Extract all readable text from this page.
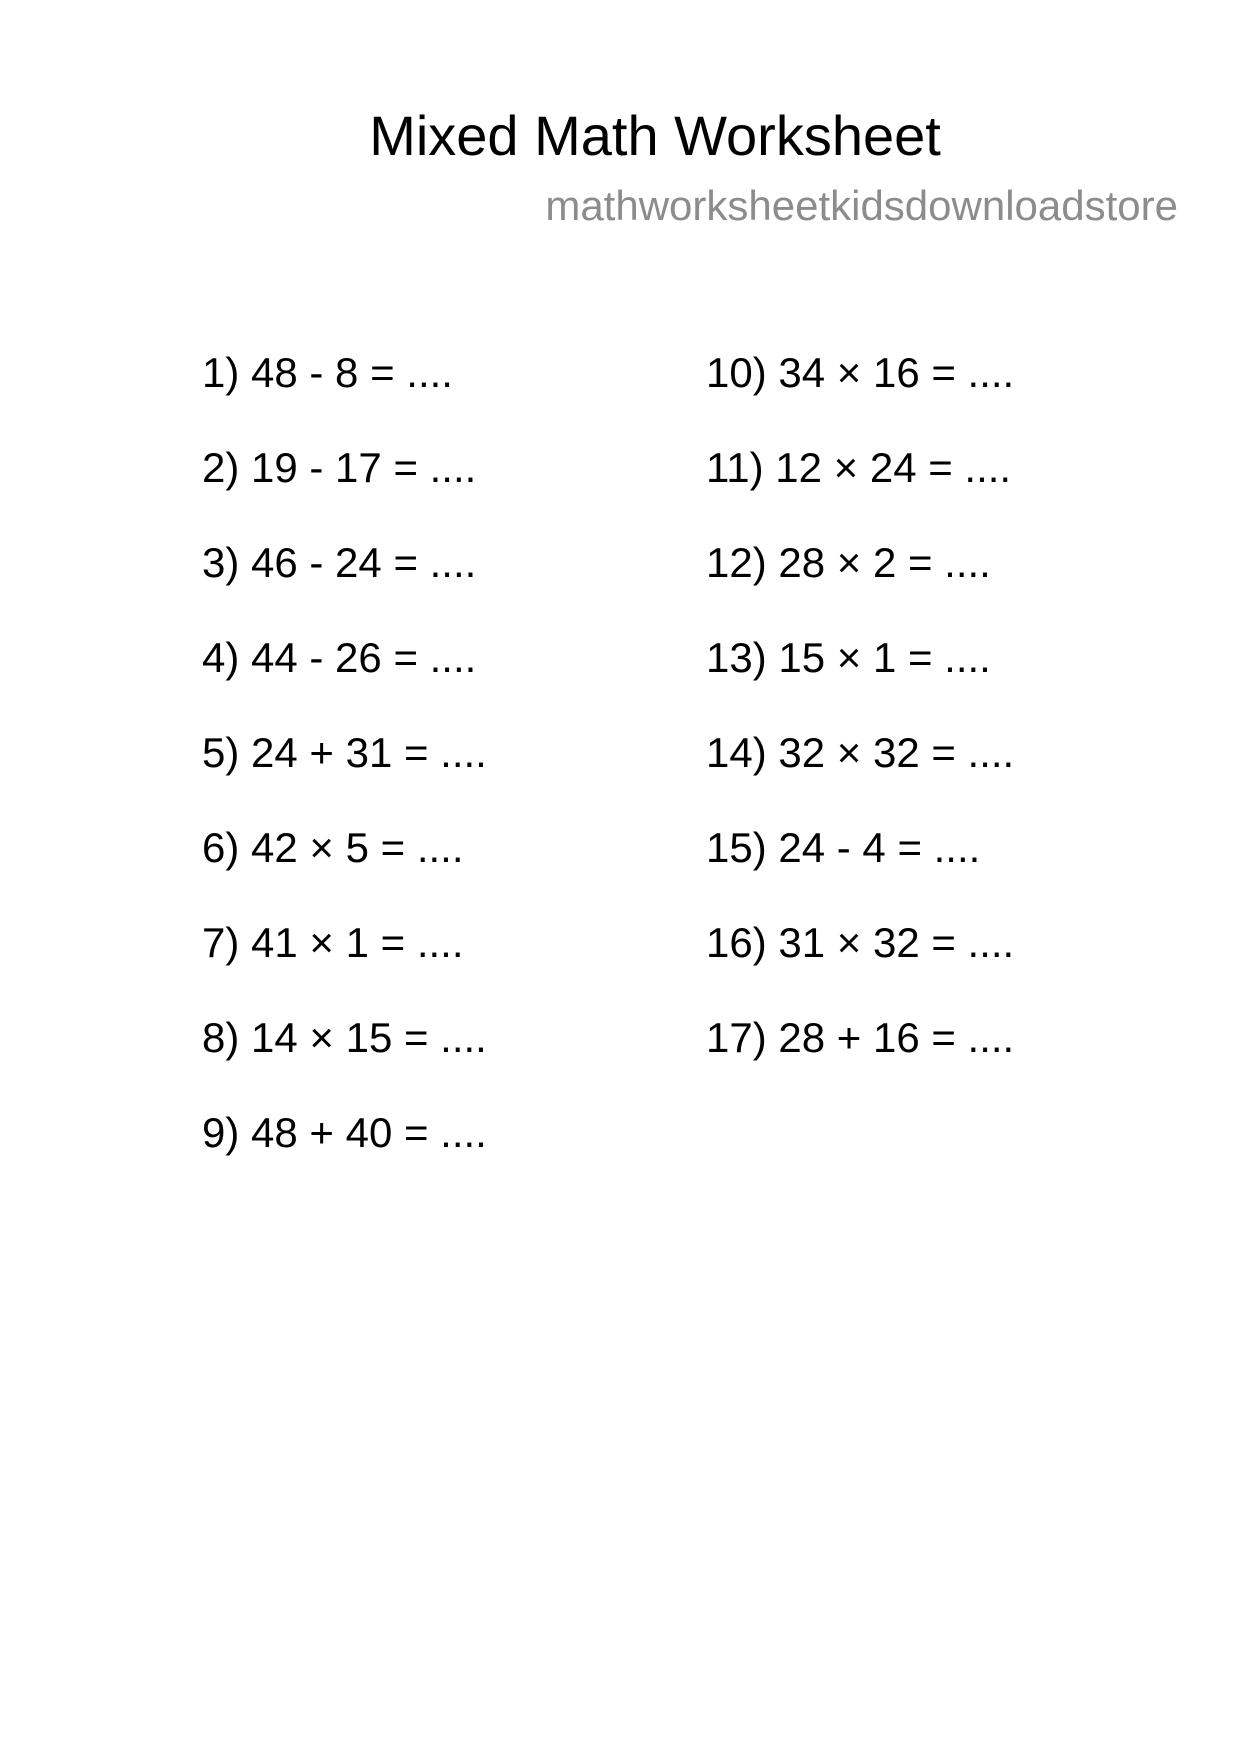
Mixed Math Worksheet

mathworksheetkidsdownloadstore

1) 48 - 8 = ....
2) 19 - 17 = ....
3) 46 - 24 = ....
4) 44 - 26 = ....
5) 24 + 31 = ....
6) 42 × 5 = ....
7) 41 × 1 = ....
8) 14 × 15 = ....
9) 48 + 40 = ....
10) 34 × 16 = ....
11) 12 × 24 = ....
12) 28 × 2 = ....
13) 15 × 1 = ....
14) 32 × 32 = ....
15) 24 - 4 = ....
16) 31 × 32 = ....
17) 28 + 16 = ....
